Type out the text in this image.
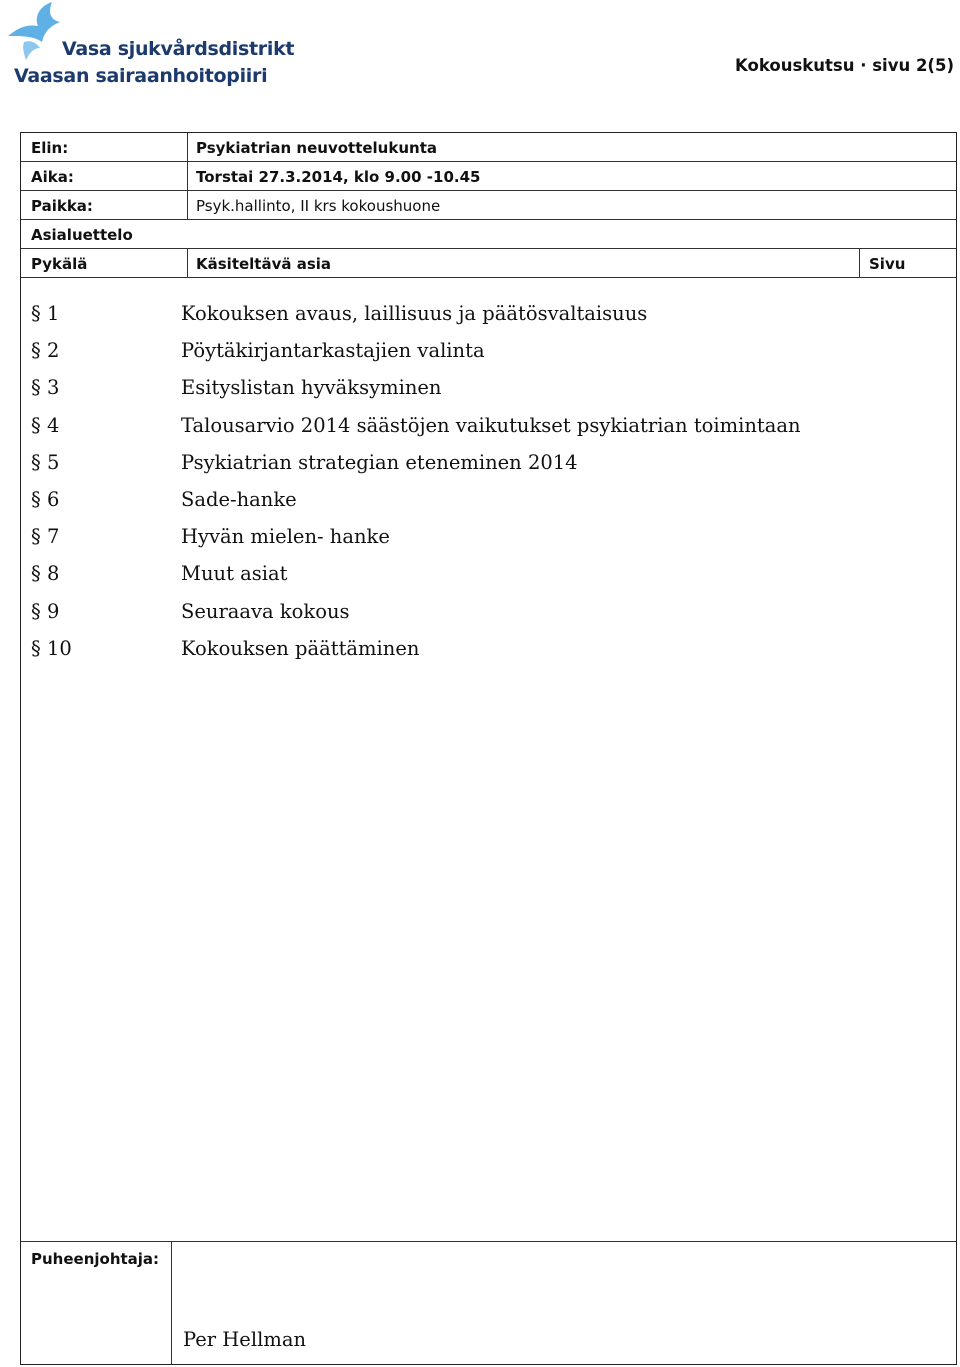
Vasa sjukvårdsdistrikt
Vaasan sairaanhoitopiiri	Kokouskutsu · sivu 2(5)
Elin:	Psykiatrian neuvottelukunta
Aika:	Torstai 27.3.2014, klo 9.00 -10.45
Paikka:	Psyk.hallinto, II krs kokoushuone
Asialuettelo
Pykälä	Käsiteltävä asia	Sivu
§ 1	Kokouksen avaus, laillisuus ja päätösvaltaisuus
§ 2	Pöytäkirjantarkastajien valinta
§ 3	Esityslistan hyväksyminen
§ 4	Talousarvio 2014 säästöjen vaikutukset psykiatrian toimintaan
§ 5	Psykiatrian strategian eteneminen 2014
§ 6	Sade-hanke
§ 7	Hyvän mielen- hanke
§ 8	Muut asiat
§ 9	Seuraava kokous
§ 10	Kokouksen päättäminen
Puheenjohtaja:
Per Hellman
